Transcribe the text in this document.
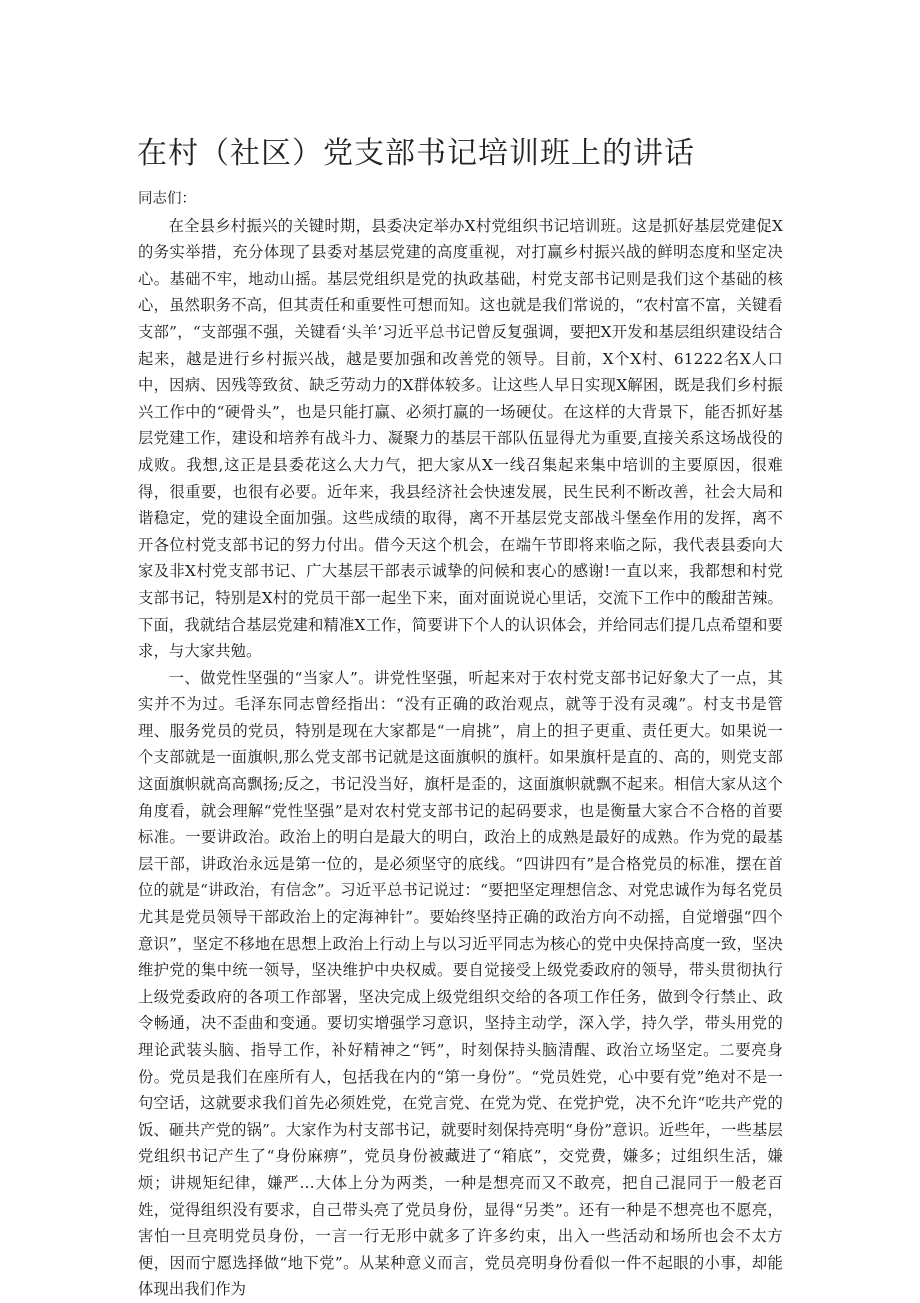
在村（社区）党支部书记培训班上的讲话

同志们：

在全县乡村振兴的关键时期，县委决定举办X村党组织书记培训班。这是抓好基层党建促X的务实举措，充分体现了县委对基层党建的高度重视，对打赢乡村振兴战的鲜明态度和坚定决心。基础不牢，地动山摇。基层党组织是党的执政基础，村党支部书记则是我们这个基础的核心，虽然职务不高，但其责任和重要性可想而知。这也就是我们常说的，“农村富不富，关键看支部”，“支部强不强，关键看‘头羊’习近平总书记曾反复强调，要把X开发和基层组织建设结合起来，越是进行乡村振兴战，越是要加强和改善党的领导。目前，X个X村、61222名X人口中，因病、因残等致贫、缺乏劳动力的X群体较多。让这些人早日实现X解困，既是我们乡村振兴工作中的“硬骨头”，也是只能打赢、必须打赢的一场硬仗。在这样的大背景下，能否抓好基层党建工作，建设和培养有战斗力、凝聚力的基层干部队伍显得尤为重要,直接关系这场战役的成败。我想,这正是县委花这么大力气，把大家从X一线召集起来集中培训的主要原因，很难得，很重要，也很有必要。近年来，我县经济社会快速发展，民生民利不断改善，社会大局和谐稳定，党的建设全面加强。这些成绩的取得，离不开基层党支部战斗堡垒作用的发挥，离不开各位村党支部书记的努力付出。借今天这个机会，在端午节即将来临之际，我代表县委向大家及非X村党支部书记、广大基层干部表示诚挚的问候和衷心的感谢!一直以来，我都想和村党支部书记，特别是X村的党员干部一起坐下来，面对面说说心里话，交流下工作中的酸甜苦辣。下面，我就结合基层党建和精准X工作，简要讲下个人的认识体会，并给同志们提几点希望和要求，与大家共勉。

一、做党性坚强的“当家人”。讲党性坚强，听起来对于农村党支部书记好象大了一点，其实并不为过。毛泽东同志曾经指出：“没有正确的政治观点，就等于没有灵魂”。村支书是管理、服务党员的党员，特别是现在大家都是“一肩挑”，肩上的担子更重、责任更大。如果说一个支部就是一面旗帜,那么党支部书记就是这面旗帜的旗杆。如果旗杆是直的、高的，则党支部这面旗帜就高高飘扬;反之，书记没当好，旗杆是歪的，这面旗帜就飘不起来。相信大家从这个角度看，就会理解“党性坚强”是对农村党支部书记的起码要求，也是衡量大家合不合格的首要标准。一要讲政治。政治上的明白是最大的明白，政治上的成熟是最好的成熟。作为党的最基层干部，讲政治永远是第一位的，是必须坚守的底线。“四讲四有”是合格党员的标准，摆在首位的就是“讲政治，有信念”。习近平总书记说过：“要把坚定理想信念、对党忠诚作为每名党员尤其是党员领导干部政治上的定海神针”。要始终坚持正确的政治方向不动摇，自觉增强“四个意识”，坚定不移地在思想上政治上行动上与以习近平同志为核心的党中央保持高度一致，坚决维护党的集中统一领导，坚决维护中央权威。要自觉接受上级党委政府的领导，带头贯彻执行上级党委政府的各项工作部署，坚决完成上级党组织交给的各项工作任务，做到令行禁止、政令畅通，决不歪曲和变通。要切实增强学习意识，坚持主动学，深入学，持久学，带头用党的理论武装头脑、指导工作，补好精神之“钙”，时刻保持头脑清醒、政治立场坚定。二要亮身份。党员是我们在座所有人，包括我在内的“第一身份”。“党员姓党，心中要有党”绝对不是一句空话，这就要求我们首先必须姓党，在党言党、在党为党、在党护党，决不允许“吃共产党的饭、砸共产党的锅”。大家作为村支部书记，就要时刻保持亮明“身份”意识。近些年，一些基层党组织书记产生了“身份麻痹”，党员身份被藏进了“箱底”，交党费，嫌多；过组织生活，嫌烦；讲规矩纪律，嫌严…大体上分为两类，一种是想亮而又不敢亮，把自己混同于一般老百姓，觉得组织没有要求，自己带头亮了党员身份，显得“另类”。还有一种是不想亮也不愿亮，害怕一旦亮明党员身份，一言一行无形中就多了许多约束，出入一些活动和场所也会不太方便，因而宁愿选择做“地下党”。从某种意义而言，党员亮明身份看似一件不起眼的小事，却能体现出我们作为
